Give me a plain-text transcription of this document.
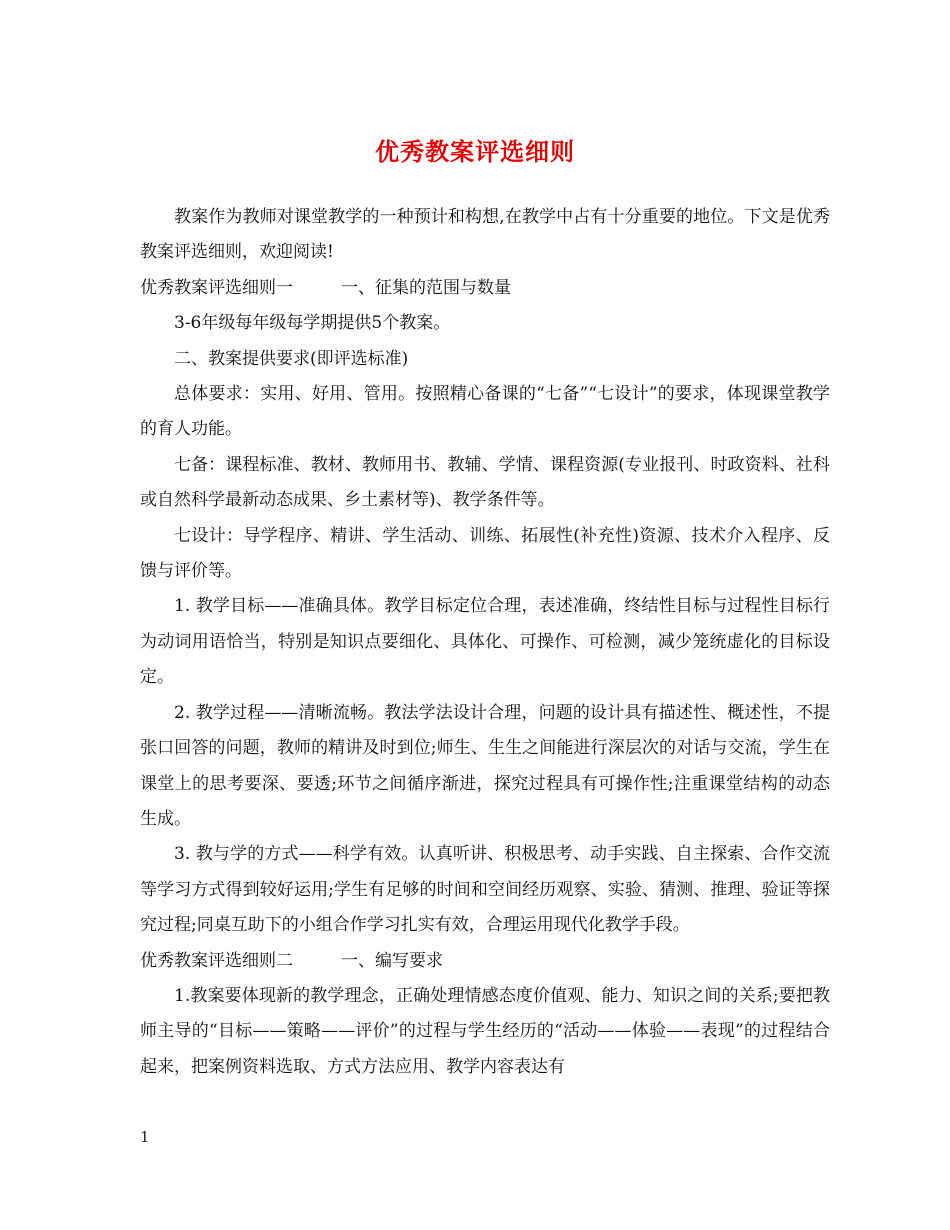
优秀教案评选细则

教案作为教师对课堂教学的一种预计和构想,在教学中占有十分重要的地位。下文是优秀教案评选细则，欢迎阅读!

优秀教案评选细则一	一、征集的范围与数量

3-6年级每年级每学期提供5个教案。

二、教案提供要求(即评选标准)

总体要求：实用、好用、管用。按照精心备课的“七备”“七设计”的要求，体现课堂教学的育人功能。

七备：课程标准、教材、教师用书、教辅、学情、课程资源(专业报刊、时政资料、社科或自然科学最新动态成果、乡土素材等)、教学条件等。

七设计：导学程序、精讲、学生活动、训练、拓展性(补充性)资源、技术介入程序、反馈与评价等。

1. 教学目标——准确具体。教学目标定位合理，表述准确，终结性目标与过程性目标行为动词用语恰当，特别是知识点要细化、具体化、可操作、可检测，减少笼统虚化的目标设定。

2. 教学过程——清晰流畅。教法学法设计合理，问题的设计具有描述性、概述性，不提张口回答的问题，教师的精讲及时到位;师生、生生之间能进行深层次的对话与交流，学生在课堂上的思考要深、要透;环节之间循序渐进，探究过程具有可操作性;注重课堂结构的动态生成。

3. 教与学的方式——科学有效。认真听讲、积极思考、动手实践、自主探索、合作交流等学习方式得到较好运用;学生有足够的时间和空间经历观察、实验、猜测、推理、验证等探究过程;同桌互助下的小组合作学习扎实有效，合理运用现代化教学手段。

优秀教案评选细则二	一、编写要求

1.教案要体现新的教学理念，正确处理情感态度价值观、能力、知识之间的关系;要把教师主导的“目标——策略——评价”的过程与学生经历的“活动——体验——表现”的过程结合起来，把案例资料选取、方式方法应用、教学内容表达有

1
